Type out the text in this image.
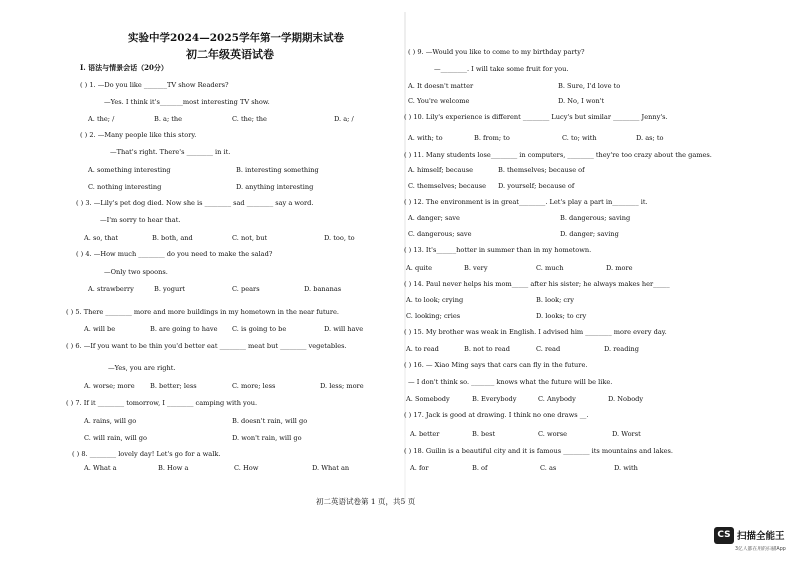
实验中学2024—2025学年第一学期期末试卷
初二年级英语试卷
Ⅰ. 语法与情景会话（20分）
( ) 1. —Do you like _______TV show Readers?
—Yes. I think it's_______most interesting TV show.
A. the; /	B. a; the	C. the; the	D. a; /
( ) 2. —Many people like this story.
—That's right. There's ________ in it.
A. something interesting	B. interesting something
C. nothing interesting	D. anything interesting
( ) 3. —Lily's pet dog died. Now she is ________ sad ________ say a word.
—I'm sorry to hear that.
A. so, that	B. both, and	C. not, but	D. too, to
( ) 4. —How much ________ do you need to make the salad?
—Only two spoons.
A. strawberry	B. yogurt	C. pears	D. bananas
( ) 5. There ________ more and more buildings in my hometown in the near future.
A. will be	B. are going to have C. is going to be	D. will have
( ) 6. —If you want to be thin you'd better eat ________ meat but ________ vegetables.
—Yes, you are right.
A. worse; more B. better; less	C. more; less	D. less; more
( ) 7. If it ________ tomorrow, I ________ camping with you.
A. rains, will go	B. doesn't rain, will go
C. will rain, will go	D. won't rain, will go
( ) 8. ________ lovely day! Let's go for a walk.
A. What a	B. How a	C. How	D. What an
( ) 9. —Would you like to come to my birthday party?
—________. I will take some fruit for you.
A. It doesn't matter	B. Sure, I'd love to
C. You're welcome	D. No, I won't
( ) 10. Lily's experience is different ________ Lucy's but similar ________ Jenny's.
A. with; to	B. from; to	C. to; with	D. as; to
( ) 11. Many students lose________ in computers, ________ they're too crazy about the games.
A. himself; because	B. themselves; because of
C. themselves; because D. yourself; because of
( ) 12. The environment is in great________. Let's play a part in________ it.
A. danger; save	B. dangerous; saving
C. dangerous; save	D. danger; saving
( ) 13. It's______hotter in summer than in my hometown.
A. quite	B. very	C. much	D. more
( ) 14. Paul never helps his mom_____ after his sister; he always makes her_____
A. to look; crying	B. look; cry
C. looking; cries	D. looks; to cry
( ) 15. My brother was weak in English. I advised him ________ more every day.
A. to read	B. not to read	C. read	D. reading
( ) 16. — Xiao Ming says that cars can fly in the future.
— I don't think so. _______ knows what the future will be like.
A. Somebody	B. Everybody	C. Anybody	D. Nobody
( ) 17. Jack is good at drawing. I think no one draws __.
A. better	B. best	C. worse	D. Worst
( ) 18. Guilin is a beautiful city and it is famous ________ its mountains and lakes.
A. for	B. of	C. as	D. with
初二英语试卷第 1 页，共5 页
CS 扫描全能王
3亿人都在用的扫描App
